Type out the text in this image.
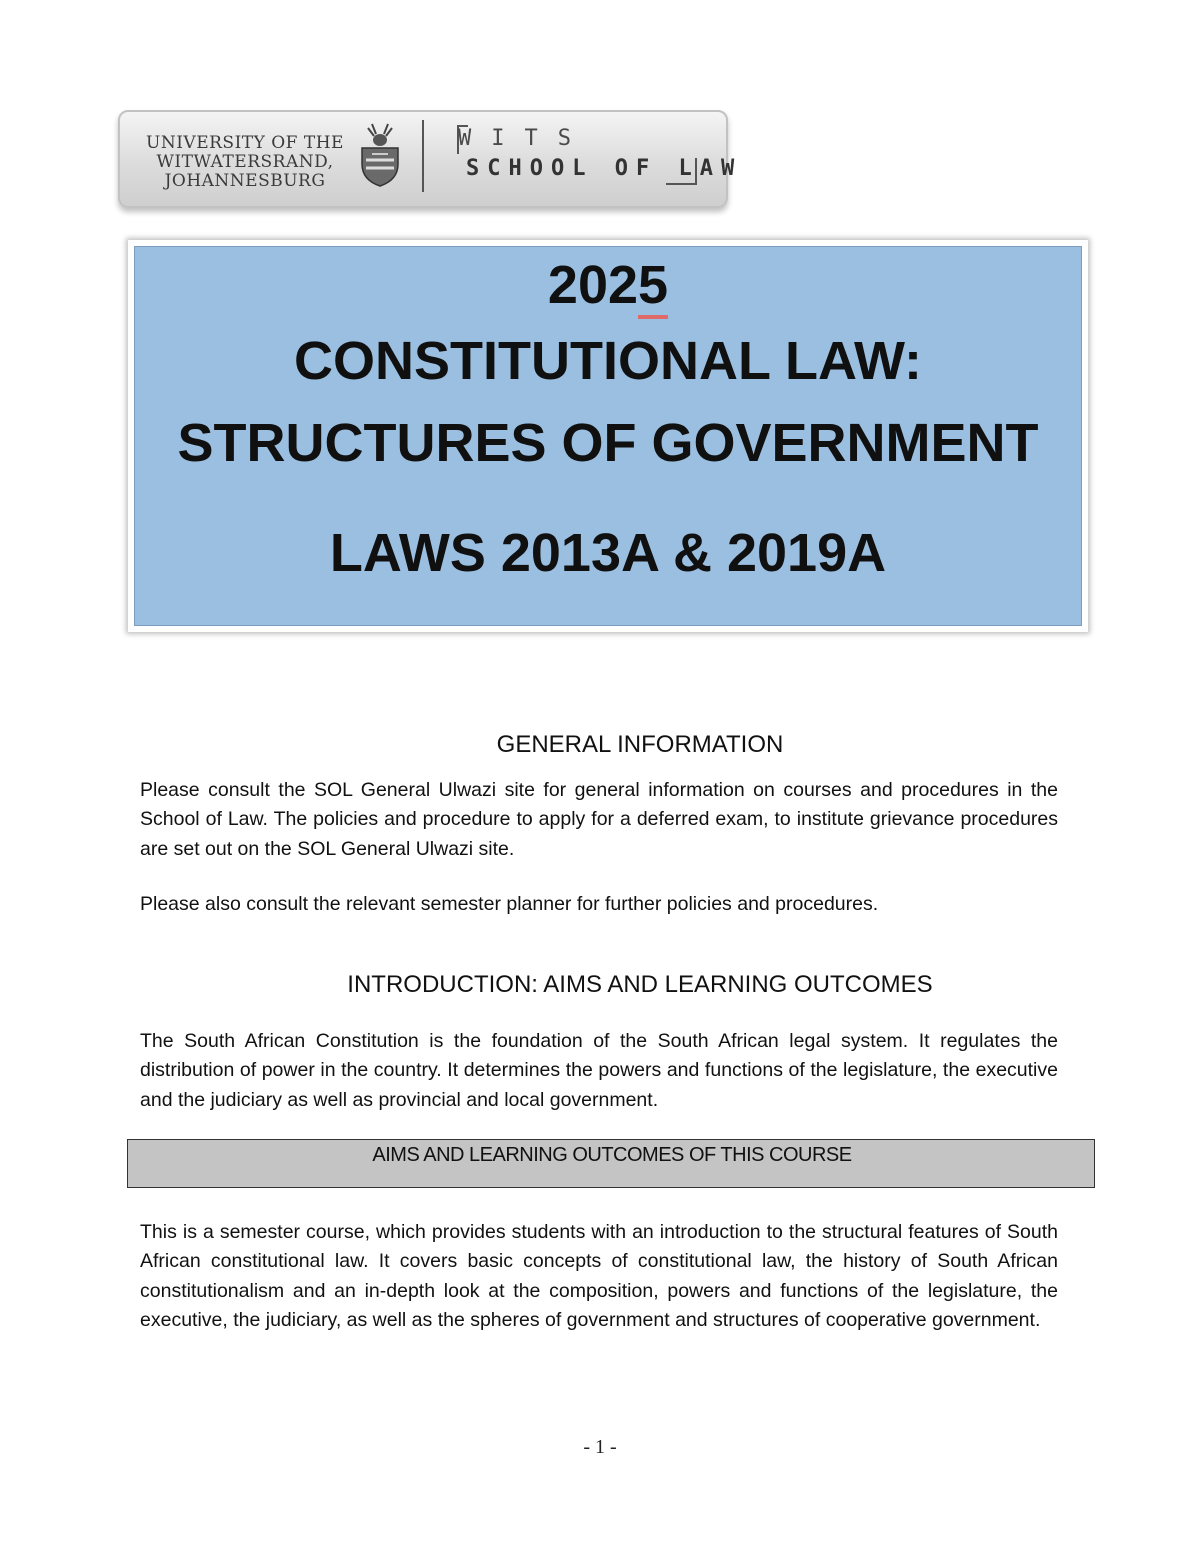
UNIVERSITY OF THE
WITWATERSRAND,
JOHANNESBURG
WITS
SCHOOL OF LAW
2025
CONSTITUTIONAL LAW:
STRUCTURES OF GOVERNMENT
LAWS 2013A & 2019A
GENERAL INFORMATION
Please consult the SOL General Ulwazi site for general information on courses and procedures in the School of Law. The policies and procedure to apply for a deferred exam, to institute grievance procedures are set out on the SOL General Ulwazi site.
Please also consult the relevant semester planner for further policies and procedures.
INTRODUCTION: AIMS AND LEARNING OUTCOMES
The South African Constitution is the foundation of the South African legal system. It regulates the distribution of power in the country. It determines the powers and functions of the legislature, the executive and the judiciary as well as provincial and local government.
AIMS AND LEARNING OUTCOMES OF THIS COURSE
This is a semester course, which provides students with an introduction to the structural features of South African constitutional law. It covers basic concepts of constitutional law, the history of South African constitutionalism and an in-depth look at the composition, powers and functions of the legislature, the executive, the judiciary, as well as the spheres of government and structures of cooperative government.
- 1 -
